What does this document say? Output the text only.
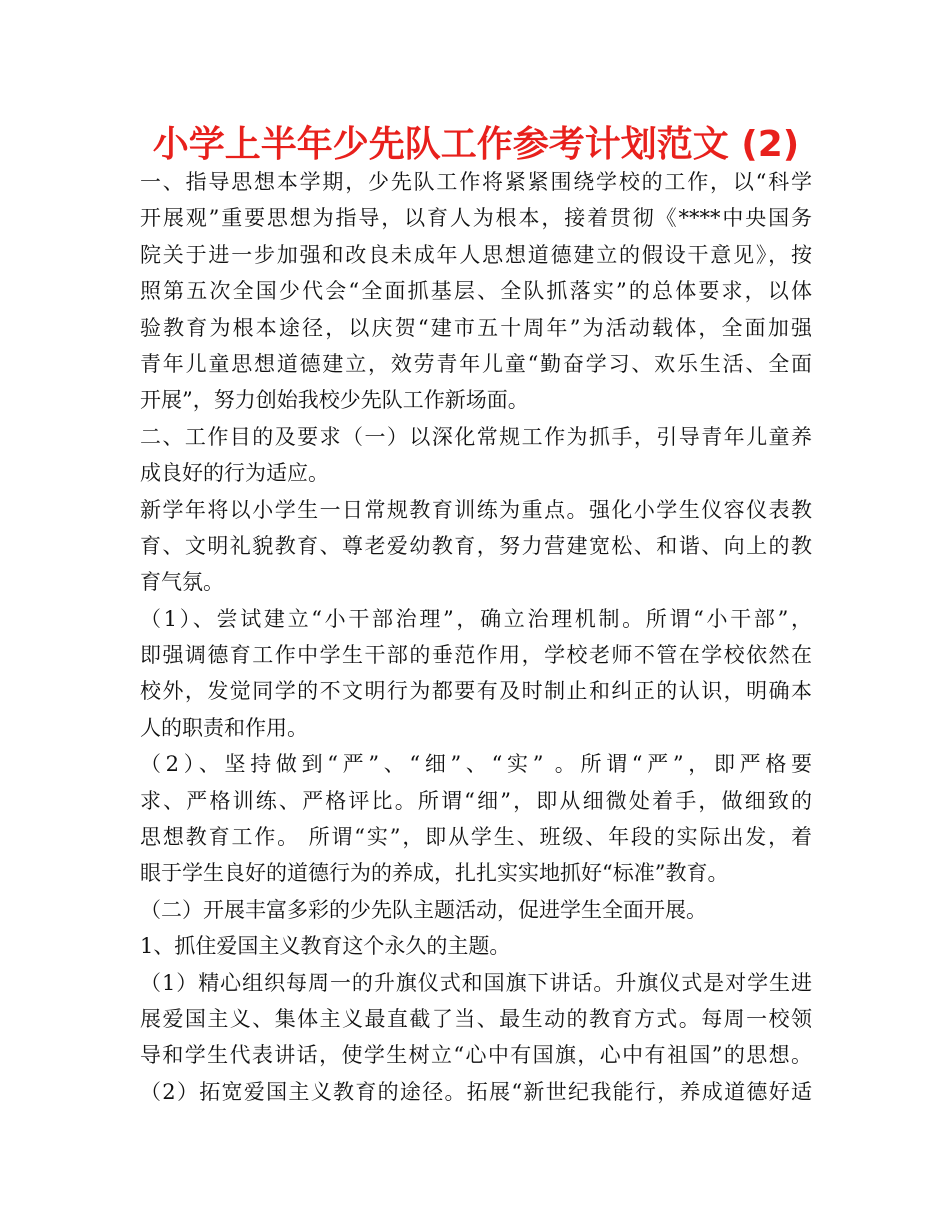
小学上半年少先队工作参考计划范文 (2)
一、指导思想本学期，少先队工作将紧紧围绕学校的工作，以“科学
开展观”重要思想为指导，以育人为根本，接着贯彻《****中央国务
院关于进一步加强和改良未成年人思想道德建立的假设干意见》，按
照第五次全国少代会“全面抓基层、全队抓落实”的总体要求，以体
验教育为根本途径，以庆贺“建市五十周年”为活动载体，全面加强
青年儿童思想道德建立，效劳青年儿童“勤奋学习、欢乐生活、全面
开展”，努力创始我校少先队工作新场面。
二、工作目的及要求（一）以深化常规工作为抓手，引导青年儿童养
成良好的行为适应。
新学年将以小学生一日常规教育训练为重点。强化小学生仪容仪表教
育、文明礼貌教育、尊老爱幼教育，努力营建宽松、和谐、向上的教
育气氛。
（1）、尝试建立“小干部治理”，确立治理机制。所谓“小干部”，
即强调德育工作中学生干部的垂范作用，学校老师不管在学校依然在
校外，发觉同学的不文明行为都要有及时制止和纠正的认识，明确本
人的职责和作用。
（2）、坚持做到“严”、“细”、“实” 。所谓“严”，即严格要
求、严格训练、严格评比。所谓“细”，即从细微处着手，做细致的
思想教育工作。 所谓“实”，即从学生、班级、年段的实际出发，着
眼于学生良好的道德行为的养成，扎扎实实地抓好“标准”教育。
（二）开展丰富多彩的少先队主题活动，促进学生全面开展。
1、抓住爱国主义教育这个永久的主题。
（1）精心组织每周一的升旗仪式和国旗下讲话。升旗仪式是对学生进
展爱国主义、集体主义最直截了当、最生动的教育方式。每周一校领
导和学生代表讲话，使学生树立“心中有国旗，心中有祖国”的思想。
（2）拓宽爱国主义教育的途径。拓展“新世纪我能行，养成道德好适
